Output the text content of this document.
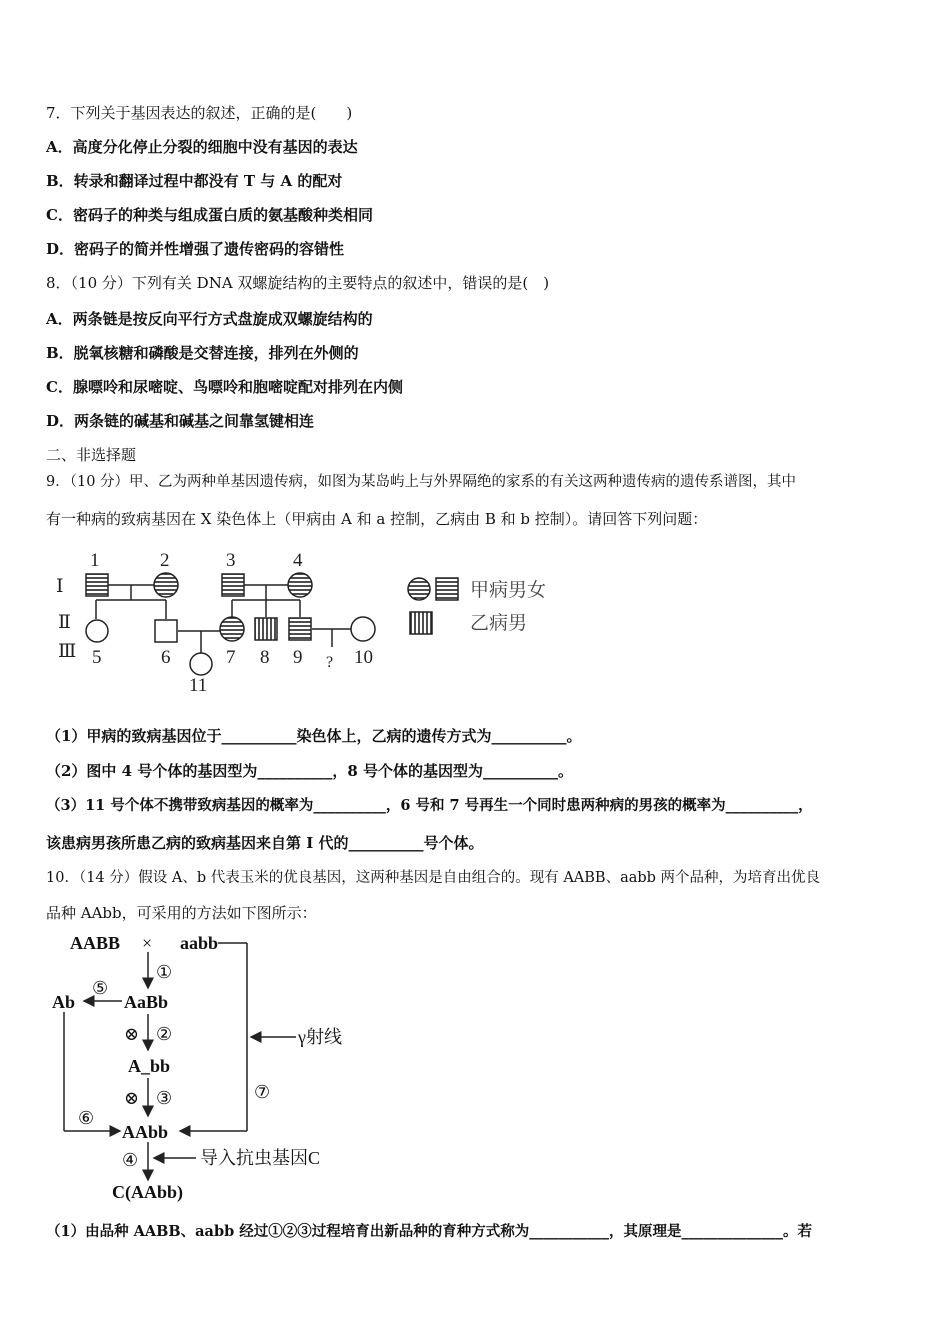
7．下列关于基因表达的叙述，正确的是(　　)
A．高度分化停止分裂的细胞中没有基因的表达
B．转录和翻译过程中都没有 T 与 A 的配对
C．密码子的种类与组成蛋白质的氨基酸种类相同
D．密码子的简并性增强了遗传密码的容错性
8．（10 分）下列有关 DNA 双螺旋结构的主要特点的叙述中，错误的是(　)
A．两条链是按反向平行方式盘旋成双螺旋结构的
B．脱氧核糖和磷酸是交替连接，排列在外侧的
C．腺嘌呤和尿嘧啶、鸟嘌呤和胞嘧啶配对排列在内侧
D．两条链的碱基和碱基之间靠氢键相连
二、非选择题
9．（10 分）甲、乙为两种单基因遗传病，如图为某岛屿上与外界隔绝的家系的有关这两种遗传病的遗传系谱图，其中
有一种病的致病基因在 X 染色体上（甲病由 A 和 a 控制，乙病由 B 和 b 控制）。请回答下列问题：
Ⅰ
Ⅱ
Ⅲ
1	2	3	4
5	6	7 8 9	10
11
?
甲病男女
乙病男
（1）甲病的致病基因位于__________染色体上，乙病的遗传方式为__________。
（2）图中 4 号个体的基因型为__________，8 号个体的基因型为__________。
（3）11 号个体不携带致病基因的概率为__________，6 号和 7 号再生一个同时患两种病的男孩的概率为__________，
该患病男孩所患乙病的致病基因来自第 Ⅰ 代的__________号个体。
10．（14 分）假设 A、b 代表玉米的优良基因，这两种基因是自由组合的。现有 AABB、aabb 两个品种，为培育出优良
品种 AAbb，可采用的方法如下图所示：
AABB × aabb
Ab	AaBb
A_bb
AAbb
C(AAbb)
①
②
③
④
⑤
⑥
⑦
⊗
⊗
γ射线
导入抗虫基因C
（1）由品种 AABB、aabb 经过①②③过程培育出新品种的育种方式称为___________，其原理是______________。若
